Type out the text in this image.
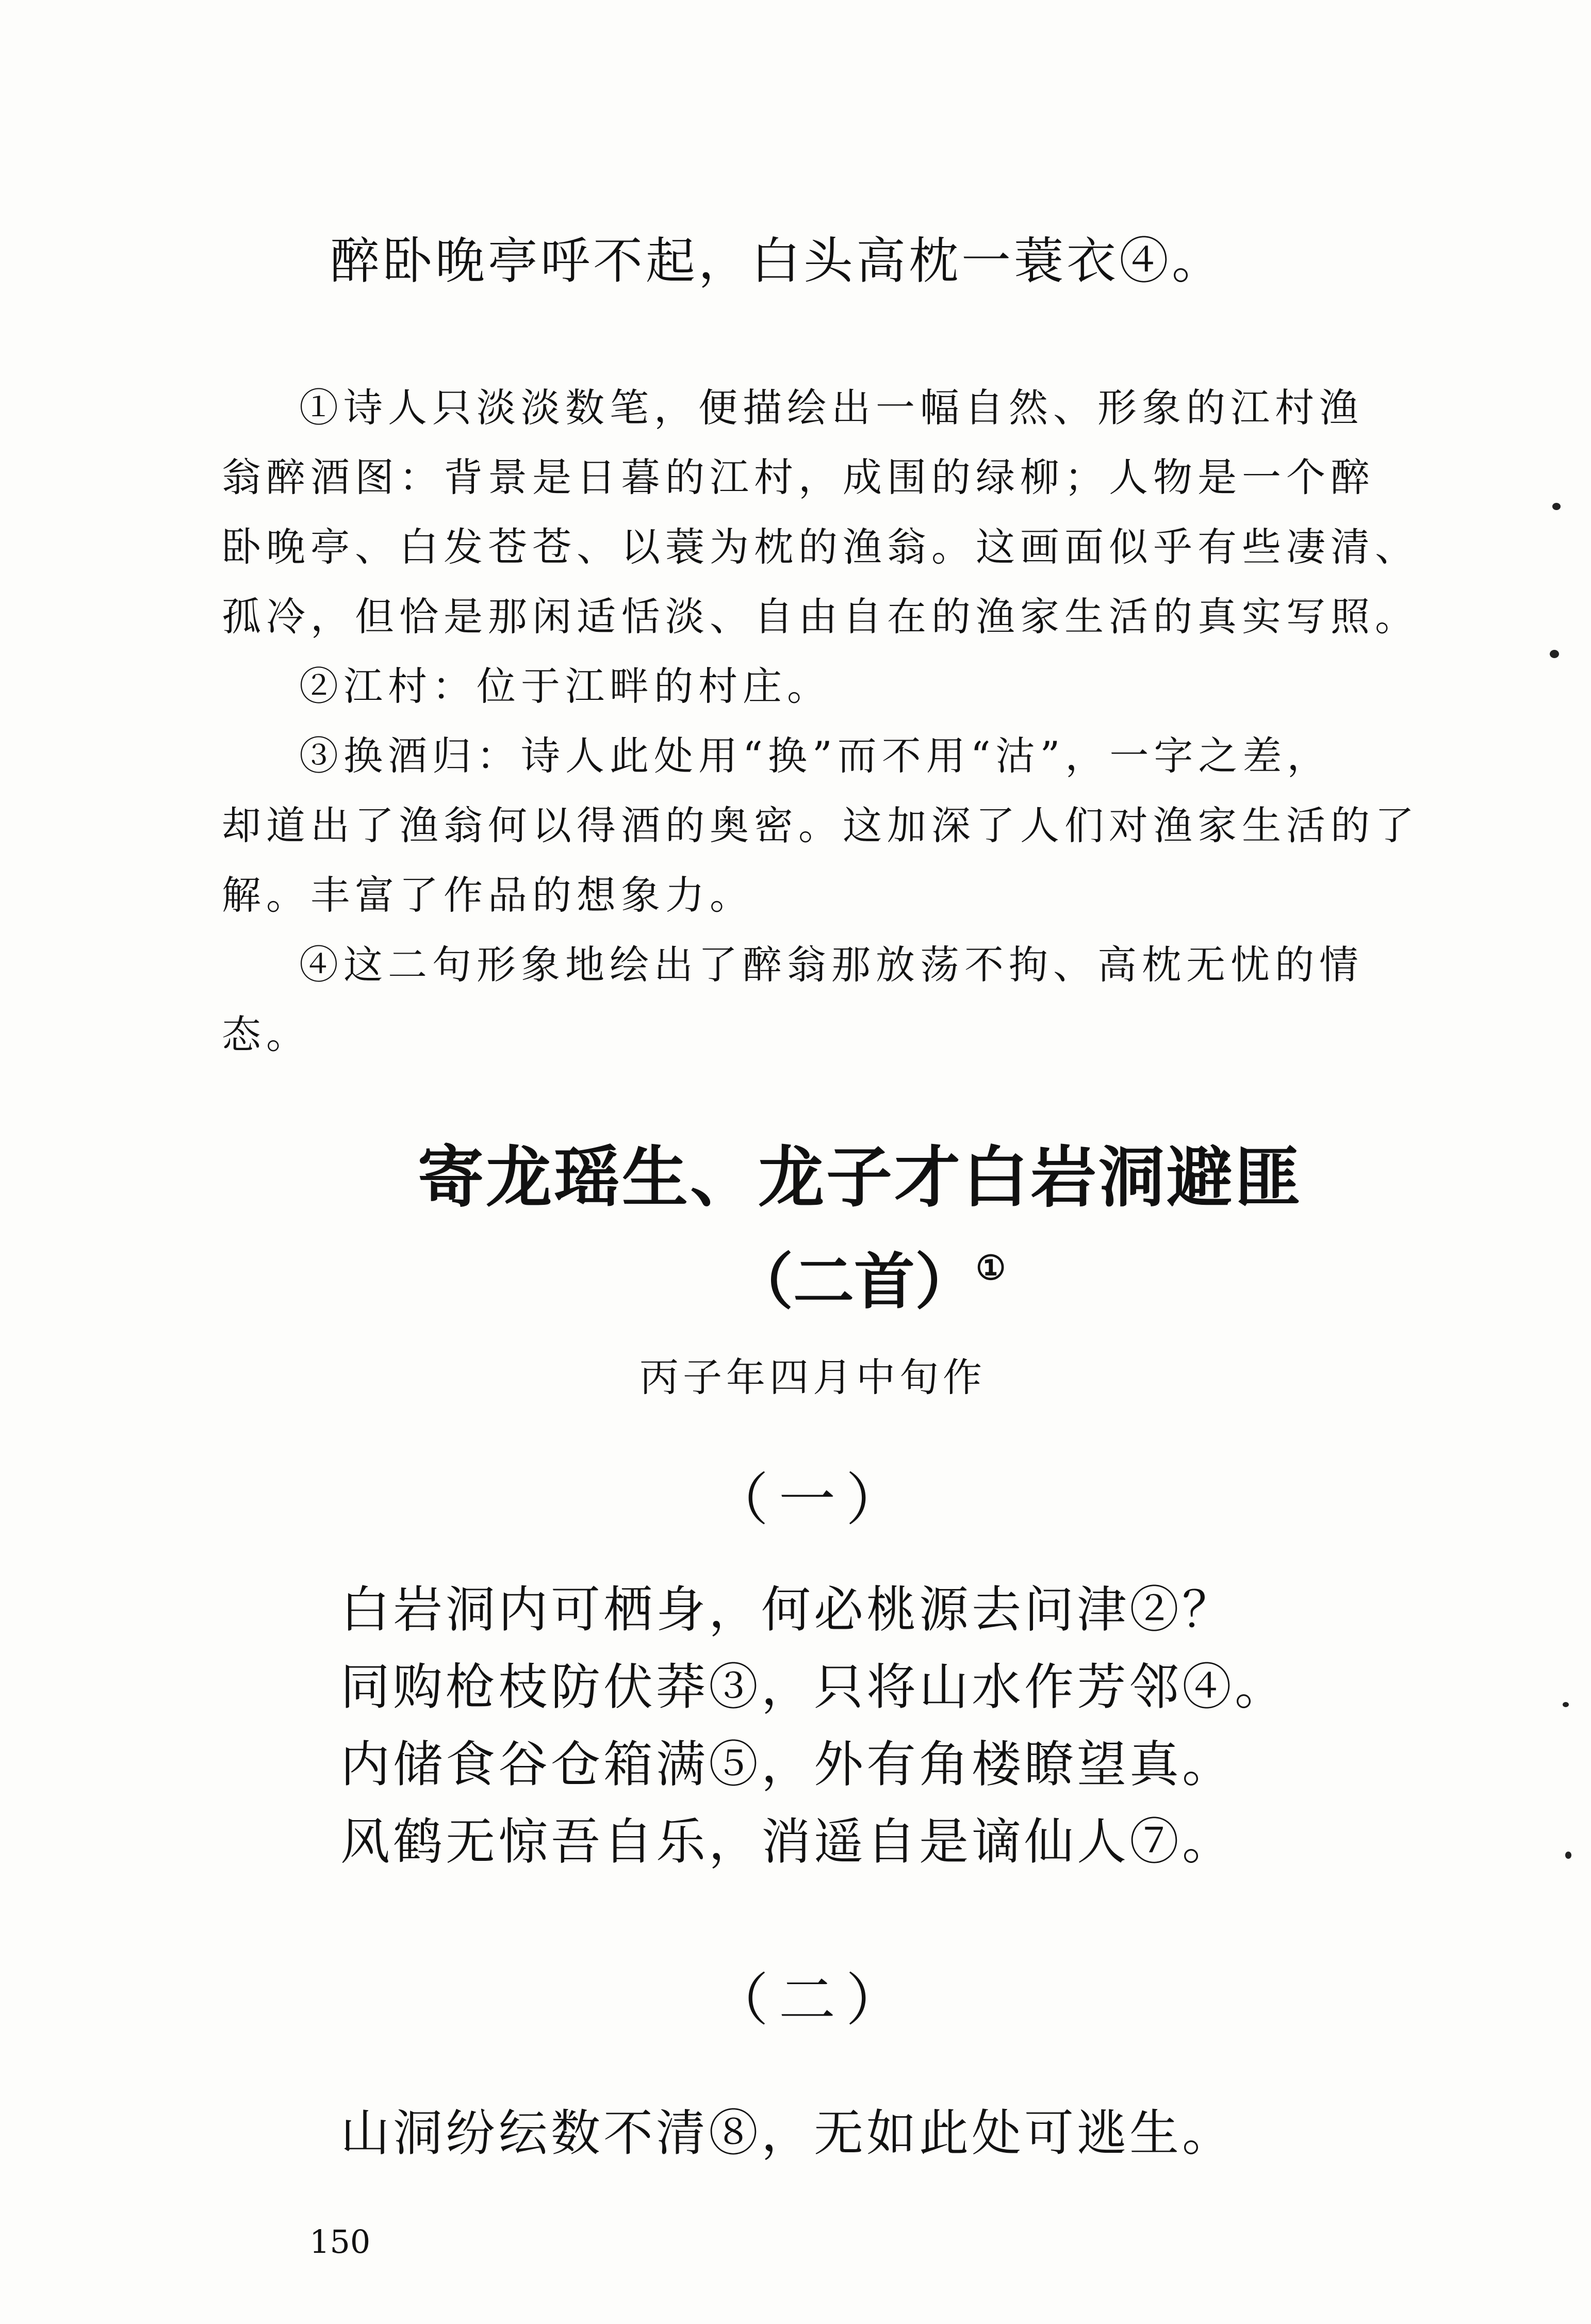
醉卧晚亭呼不起，白头高枕一蓑衣④。
①诗人只淡淡数笔，便描绘出一幅自然、形象的江村渔
翁醉酒图：背景是日暮的江村，成围的绿柳；人物是一个醉
卧晚亭、白发苍苍、以蓑为枕的渔翁。这画面似乎有些凄清、
孤冷，但恰是那闲适恬淡、自由自在的渔家生活的真实写照。
②江村：位于江畔的村庄。
③换酒归：诗人此处用“换”而不用“沽”，一字之差，
却道出了渔翁何以得酒的奥密。这加深了人们对渔家生活的了
解。丰富了作品的想象力。
④这二句形象地绘出了醉翁那放荡不拘、高枕无忧的情
态。
寄龙瑶生、龙子才白岩洞避匪
（二首）①
丙子年四月中旬作
（一）
白岩洞内可栖身，何必桃源去问津②？
同购枪枝防伏莽③，只将山水作芳邻④。
内储食谷仓箱满⑤，外有角楼瞭望真。
风鹤无惊吾自乐，消遥自是谪仙人⑦。
（二）
山洞纷纭数不清⑧，无如此处可逃生。
150
